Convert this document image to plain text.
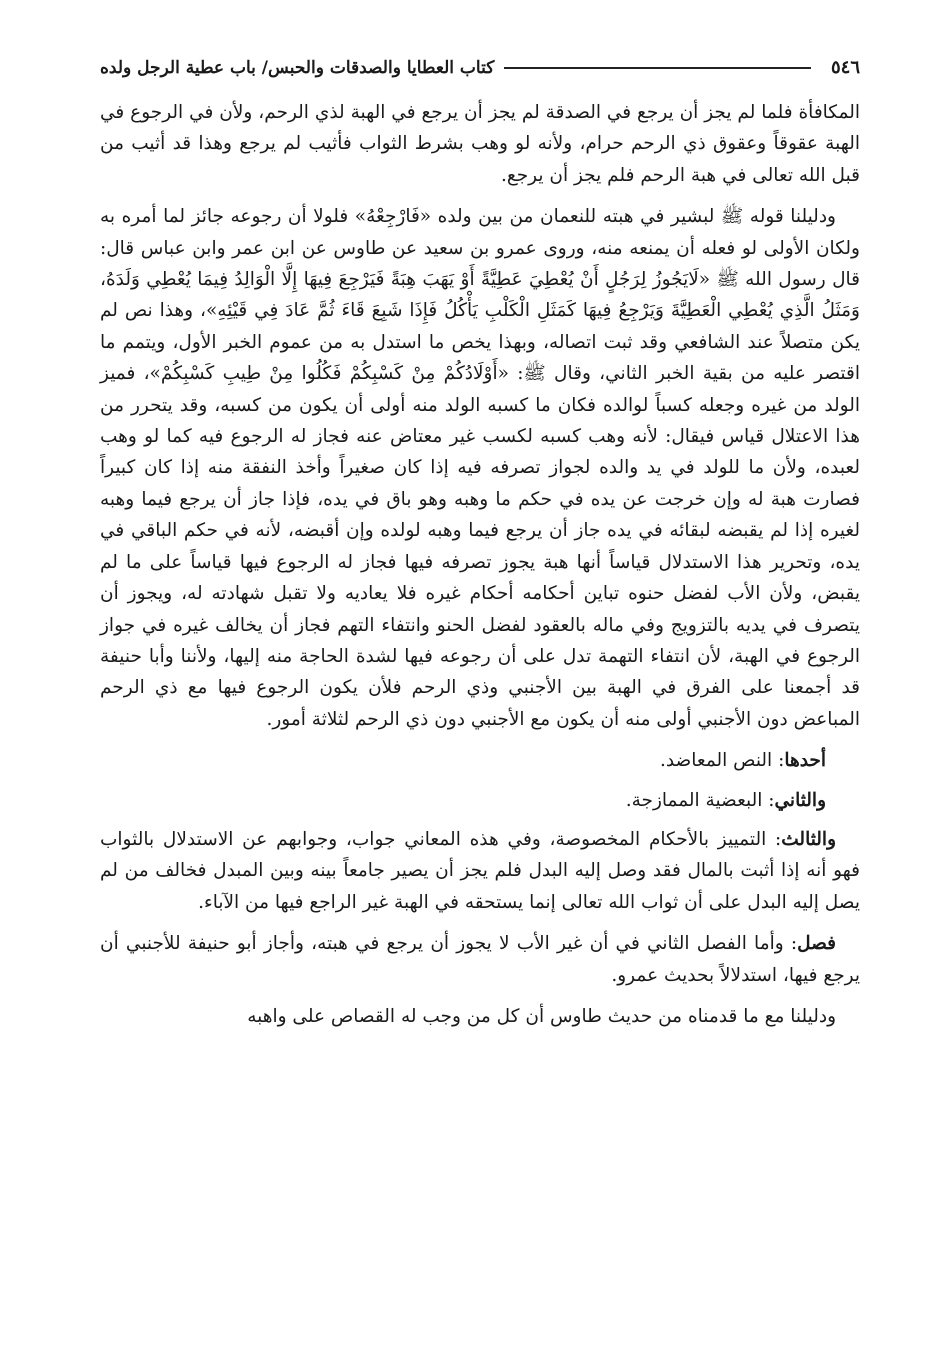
٥٤٦
كتاب العطايا والصدقات والحبس/ باب عطية الرجل ولده

المكافأة فلما لم يجز أن يرجع في الصدقة لم يجز أن يرجع في الهبة لذي الرحم، ولأن في الرجوع في الهبة عقوقاً وعقوق ذي الرحم حرام، ولأنه لو وهب بشرط الثواب فأثيب لم يرجع وهذا قد أثيب من قبل الله تعالى في هبة الرحم فلم يجز أن يرجع.

ودليلنا قوله ﷺ لبشير في هبته للنعمان من بين ولده «فَارْجِعْهُ» فلولا أن رجوعه جائز لما أمره به ولكان الأولى لو فعله أن يمنعه منه، وروى عمرو بن سعيد عن طاوس عن ابن عمر وابن عباس قال: قال رسول الله ﷺ «لَايَجُوزُ لِرَجُلٍ أَنْ يُعْطِيَ عَطِيَّةً أَوْ يَهَبَ هِبَةً فَيَرْجِعَ فِيهَا إِلَّا الْوَالِدُ فِيمَا يُعْطِي وَلَدَهُ، وَمَثَلُ الَّذِي يُعْطِي الْعَطِيَّةَ وَيَرْجِعُ فِيهَا كَمَثَلِ الْكَلْبِ يَأْكُلُ فَإِذَا شَبِعَ قَاءَ ثُمَّ عَادَ فِي قَيْئِهِ»، وهذا نص لم يكن متصلاً عند الشافعي وقد ثبت اتصاله، وبهذا يخص ما استدل به من عموم الخبر الأول، ويتمم ما اقتصر عليه من بقية الخبر الثاني، وقال ﷺ: «أَوْلَادُكُمْ مِنْ كَسْبِكُمْ فَكُلُوا مِنْ طِيبِ كَسْبِكُمْ»، فميز الولد من غيره وجعله كسباً لوالده فكان ما كسبه الولد منه أولى أن يكون من كسبه، وقد يتحرر من هذا الاعتلال قياس فيقال: لأنه وهب كسبه لكسب غير معتاض عنه فجاز له الرجوع فيه كما لو وهب لعبده، ولأن ما للولد في يد والده لجواز تصرفه فيه إذا كان صغيراً وأخذ النفقة منه إذا كان كبيراً فصارت هبة له وإن خرجت عن يده في حكم ما وهبه وهو باق في يده، فإذا جاز أن يرجع فيما وهبه لغيره إذا لم يقبضه لبقائه في يده جاز أن يرجع فيما وهبه لولده وإن أقبضه، لأنه في حكم الباقي في يده، وتحرير هذا الاستدلال قياساً أنها هبة يجوز تصرفه فيها فجاز له الرجوع فيها قياساً على ما لم يقبض، ولأن الأب لفضل حنوه تباين أحكامه أحكام غيره فلا يعاديه ولا تقبل شهادته له، ويجوز أن يتصرف في يديه بالتزويج وفي ماله بالعقود لفضل الحنو وانتفاء التهم فجاز أن يخالف غيره في جواز الرجوع في الهبة، لأن انتفاء التهمة تدل على أن رجوعه فيها لشدة الحاجة منه إليها، ولأننا وأبا حنيفة قد أجمعنا على الفرق في الهبة بين الأجنبي وذي الرحم فلأن يكون الرجوع فيها مع ذي الرحم المباعض دون الأجنبي أولى منه أن يكون مع الأجنبي دون ذي الرحم لثلاثة أمور.

أحدها: النص المعاضد.

والثاني: البعضية الممازجة.

والثالث: التمييز بالأحكام المخصوصة، وفي هذه المعاني جواب، وجوابهم عن الاستدلال بالثواب فهو أنه إذا أثبت بالمال فقد وصل إليه البدل فلم يجز أن يصير جامعاً بينه وبين المبدل فخالف من لم يصل إليه البدل على أن ثواب الله تعالى إنما يستحقه في الهبة غير الراجع فيها من الآباء.

فصل: وأما الفصل الثاني في أن غير الأب لا يجوز أن يرجع في هبته، وأجاز أبو حنيفة للأجنبي أن يرجع فيها، استدلالاً بحديث عمرو.

ودليلنا مع ما قدمناه من حديث طاوس أن كل من وجب له القصاص على واهبه
